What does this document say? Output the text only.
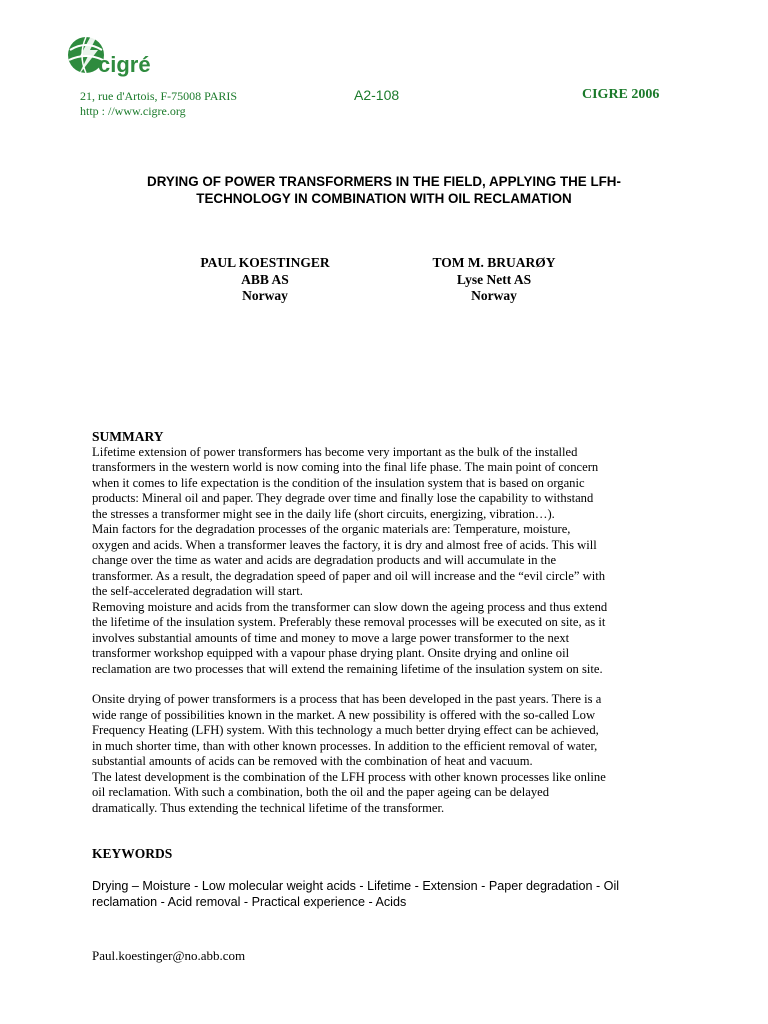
cigré
21, rue d'Artois, F-75008 PARIS
http : //www.cigre.org
A2-108	CIGRE 2006
DRYING OF POWER TRANSFORMERS IN THE FIELD, APPLYING THE LFH-
TECHNOLOGY IN COMBINATION WITH OIL RECLAMATION
PAUL KOESTINGER
ABB AS
Norway
TOM M. BRUARØY
Lyse Nett AS
Norway
SUMMARY
Lifetime extension of power transformers has become very important as the bulk of the installed
transformers in the western world is now coming into the final life phase. The main point of concern
when it comes to life expectation is the condition of the insulation system that is based on organic
products: Mineral oil and paper. They degrade over time and finally lose the capability to withstand
the stresses a transformer might see in the daily life (short circuits, energizing, vibration…).
Main factors for the degradation processes of the organic materials are: Temperature, moisture,
oxygen and acids. When a transformer leaves the factory, it is dry and almost free of acids. This will
change over the time as water and acids are degradation products and will accumulate in the
transformer. As a result, the degradation speed of paper and oil will increase and the “evil circle” with
the self-accelerated degradation will start.
Removing moisture and acids from the transformer can slow down the ageing process and thus extend
the lifetime of the insulation system. Preferably these removal processes will be executed on site, as it
involves substantial amounts of time and money to move a large power transformer to the next
transformer workshop equipped with a vapour phase drying plant. Onsite drying and online oil
reclamation are two processes that will extend the remaining lifetime of the insulation system on site.
Onsite drying of power transformers is a process that has been developed in the past years. There is a
wide range of possibilities known in the market. A new possibility is offered with the so-called Low
Frequency Heating (LFH) system. With this technology a much better drying effect can be achieved,
in much shorter time, than with other known processes. In addition to the efficient removal of water,
substantial amounts of acids can be removed with the combination of heat and vacuum.
The latest development is the combination of the LFH process with other known processes like online
oil reclamation. With such a combination, both the oil and the paper ageing can be delayed
dramatically. Thus extending the technical lifetime of the transformer.
KEYWORDS
Drying – Moisture - Low molecular weight acids - Lifetime - Extension - Paper degradation - Oil
reclamation - Acid removal - Practical experience - Acids
Paul.koestinger@no.abb.com
